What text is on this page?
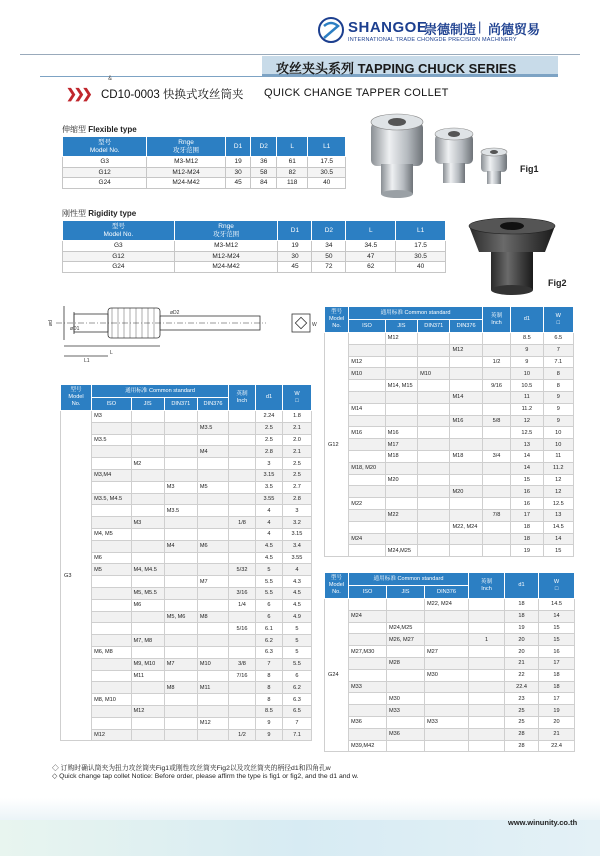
SHANGOE
崇德制造 | 尚德贸易
INTERNATIONAL TRADE CHONGDE PRECISION MACHINERY
攻丝夹头系列 TAPPING CHUCK SERIES
&
❯❯❯ CD10-0003 快换式攻丝筒夹 QUICK CHANGE TAPPER COLLET
伸缩型 Flexible type
型号
Model No.	Rnge
攻牙范围	D1	D2	L	L1
G3	M3-M12	19	36	61	17.5
G12	M12-M24	30	58	82	30.5
G24	M24-M42	45	84	118	40
刚性型 Rigidity type
型号
Model No.	Rnge
攻牙范围	D1	D2	L	L1
G3	M3-M12	19	34	34.5	17.5
G12	M12-M24	30	50	47	30.5
G24	M24-M42	45	72	62	40
Fig1
Fig2
ød
øD2
øD1
L
L1
W
型号
Model
No.	通用标准 Common standard				英制
Inch	d1	W
□
	ISO	JIS	DIN371	DIN376			
G3	M3					2.24	1.8
				M3.5		2.5	2.1
	M3.5					2.5	2.0
				M4		2.8	2.1
		M2				3	2.5
	M3,M4					3.15	2.5
			M3	M5		3.5	2.7
	M3.5, M4.5					3.55	2.8
			M3.5			4	3
		M3			1/8	4	3.2
	M4, M5					4	3.15
			M4	M6		4.5	3.4
	M6					4.5	3.55
	M5	M4, M4.5			5/32	5	4
				M7		5.5	4.3
		M5, M5.5			3/16	5.5	4.5
		M6			1/4	6	4.5
			M5, M6	M8		6	4.9
					5/16	6.1	5
		M7, M8				6.2	5
	M6, M8					6.3	5
		M9, M10	M7	M10	3/8	7	5.5
		M11			7/16	8	6
			M8	M11		8	6.2
	M8, M10					8	6.3
		M12				8.5	6.5
				M12		9	7
	M12				1/2	9	7.1
型号
Model
No.	通用标准 Common standard				英制
Inch	d1	W
□
	ISO	JIS	DIN371	DIN376			
G12		M12				8.5	6.5
				M12		9	7
	M12				1/2	9	7.1
	M10		M10			10	8
		M14, M15			9/16	10.5	8
				M14		11	9
	M14					11.2	9
				M16	5/8	12	9
	M16	M16				12.5	10
		M17				13	10
		M18		M18	3/4	14	11
	M18, M20					14	11.2
		M20				15	12
				M20		16	12
	M22					16	12.5
		M22			7/8	17	13
				M22, M24		18	14.5
	M24					18	14
		M24,M25				19	15
型号
Model
No.	通用标准 Common standard			英制
Inch	d1	W
□
	ISO	JIS	DIN376			
G24			M22, M24		18	14.5
	M24				18	14
		M24,M25			19	15
		M26, M27		1	20	15
	M27,M30		M27		20	16
		M28			21	17
			M30		22	18
	M33				22.4	18
		M30			23	17
		M33			25	19
	M36		M33		25	20
		M36			28	21
	M39,M42				28	22.4
◇ 订购时确认筒夹为扭力攻丝筒夹Fig1或刚性攻丝筒夹Fig2以及攻丝筒夹的柄径d1和四角孔w
◇ Quick change tap collet Notice: Before order, please affirm the type is fig1 or fig2, and the d1 and w.
www.winunity.co.th
